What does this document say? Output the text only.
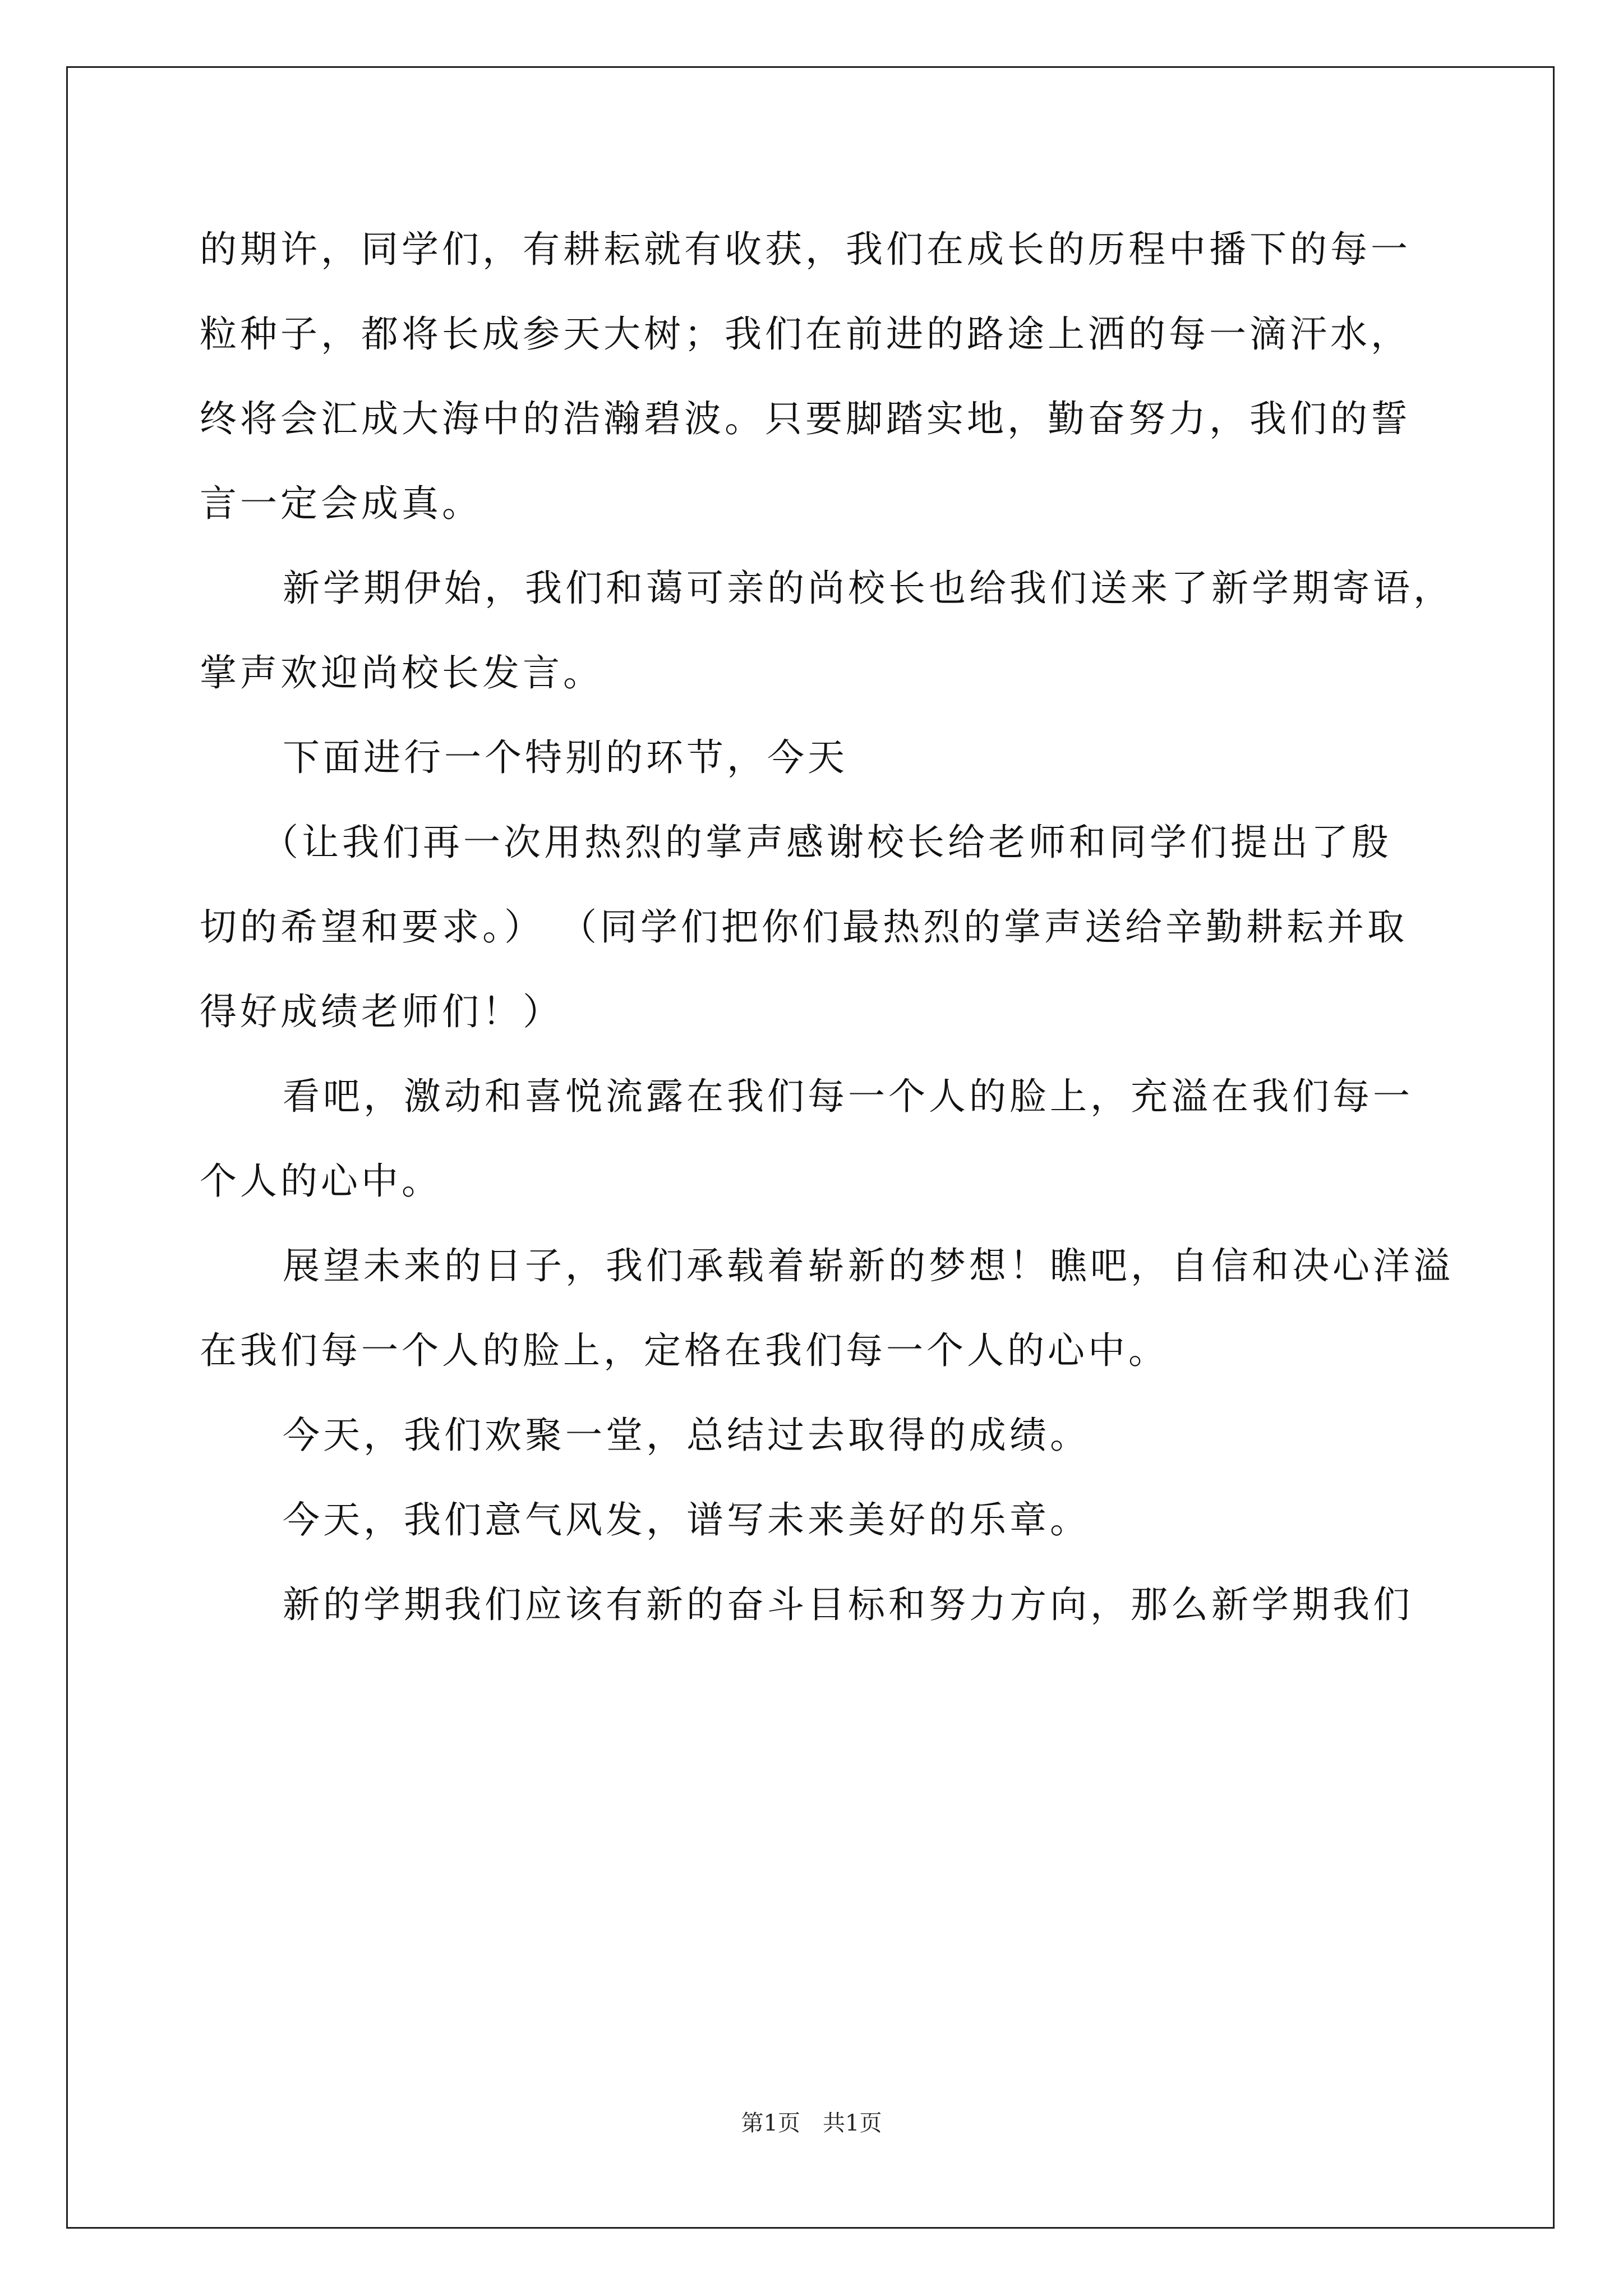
的期许，同学们，有耕耘就有收获，我们在成长的历程中播下的每一
粒种子，都将长成参天大树；我们在前进的路途上洒的每一滴汗水，
终将会汇成大海中的浩瀚碧波。只要脚踏实地，勤奋努力，我们的誓
言一定会成真。
新学期伊始，我们和蔼可亲的尚校长也给我们送来了新学期寄语，
掌声欢迎尚校长发言。
下面进行一个特别的环节，今天
（让我们再一次用热烈的掌声感谢校长给老师和同学们提出了殷
切的希望和要求。） （同学们把你们最热烈的掌声送给辛勤耕耘并取
得好成绩老师们！）
看吧，激动和喜悦流露在我们每一个人的脸上，充溢在我们每一
个人的心中。
展望未来的日子，我们承载着崭新的梦想！瞧吧，自信和决心洋溢
在我们每一个人的脸上，定格在我们每一个人的心中。
今天，我们欢聚一堂，总结过去取得的成绩。
今天，我们意气风发，谱写未来美好的乐章。
新的学期我们应该有新的奋斗目标和努力方向，那么新学期我们
第1页　共1页
